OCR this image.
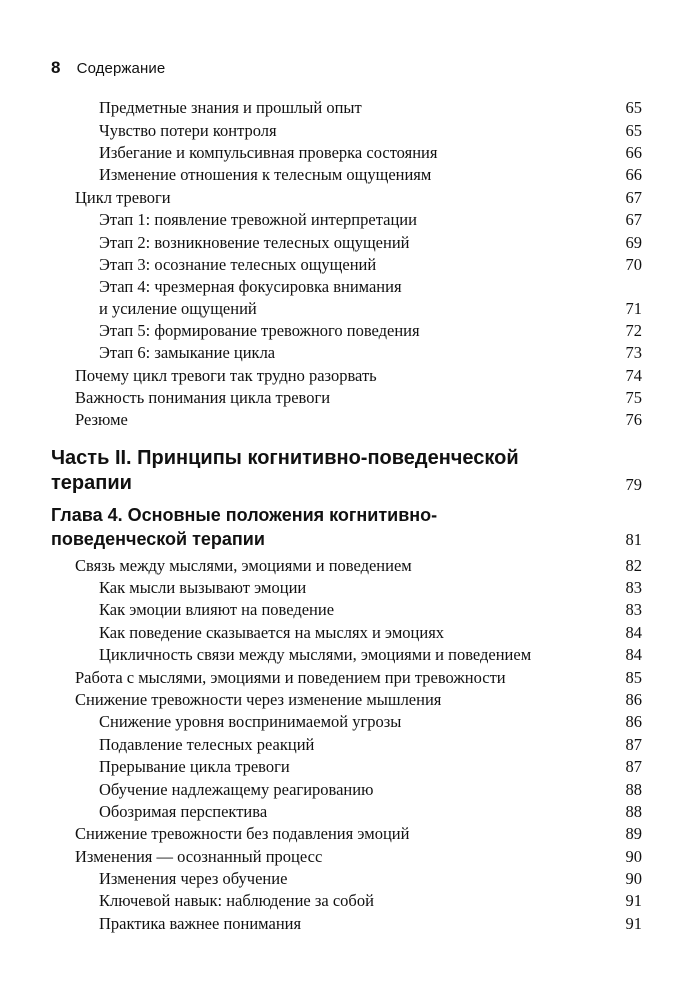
8 Содержание
Предметные знания и прошлый опыт	65
Чувство потери контроля	65
Избегание и компульсивная проверка состояния	66
Изменение отношения к телесным ощущениям	66
Цикл тревоги	67
Этап 1: появление тревожной интерпретации	67
Этап 2: возникновение телесных ощущений	69
Этап 3: осознание телесных ощущений	70
Этап 4: чрезмерная фокусировка внимания
и усиление ощущений	71
Этап 5: формирование тревожного поведения	72
Этап 6: замыкание цикла	73
Почему цикл тревоги так трудно разорвать	74
Важность понимания цикла тревоги	75
Резюме	76
Часть II. Принципы когнитивно-поведенческой
терапии	79
Глава 4. Основные положения когнитивно-
поведенческой терапии	81
Связь между мыслями, эмоциями и поведением	82
Как мысли вызывают эмоции	83
Как эмоции влияют на поведение	83
Как поведение сказывается на мыслях и эмоциях	84
Цикличность связи между мыслями, эмоциями и поведением	84
Работа с мыслями, эмоциями и поведением при тревожности	85
Снижение тревожности через изменение мышления	86
Снижение уровня воспринимаемой угрозы	86
Подавление телесных реакций	87
Прерывание цикла тревоги	87
Обучение надлежащему реагированию	88
Обозримая перспектива	88
Снижение тревожности без подавления эмоций	89
Изменения — осознанный процесс	90
Изменения через обучение	90
Ключевой навык: наблюдение за собой	91
Практика важнее понимания	91
